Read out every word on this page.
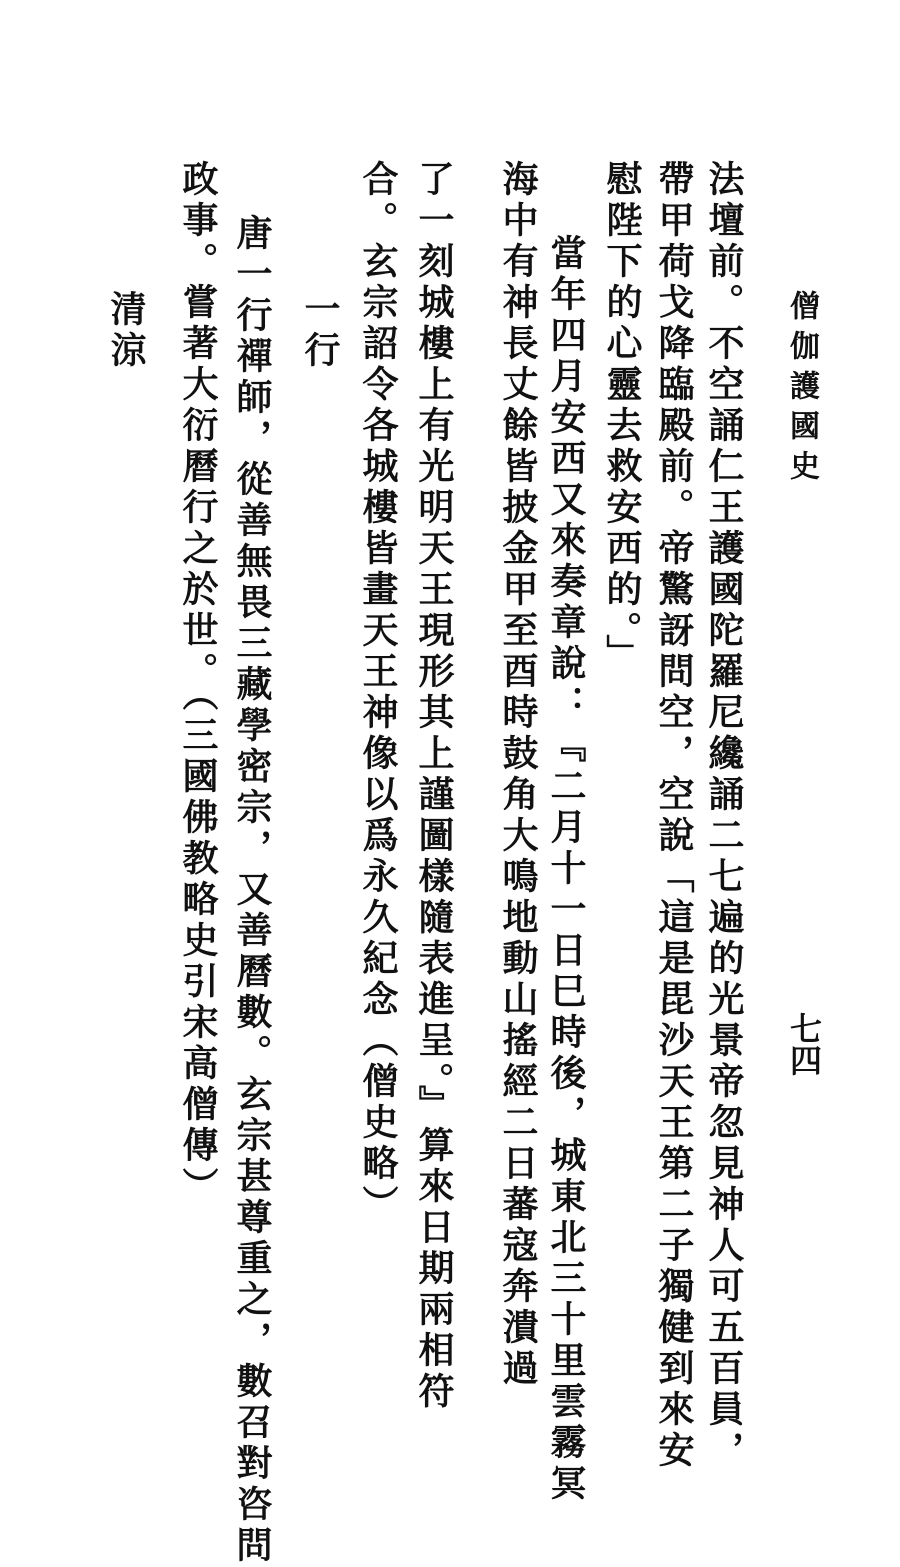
僧伽護國史
七四
法壇前。不空誦仁王護國陀羅尼纔誦二七遍的光景帝忽見神人可五百員，
帶甲荷戈降臨殿前。帝驚訝問空，空說「這是毘沙天王第二子獨健到來安
慰陛下的心靈去救安西的。」
當年四月安西又來奏章說：『二月十一日巳時後，城東北三十里雲霧冥
海中有神長丈餘皆披金甲至酉時鼓角大鳴地動山搖經二日蕃寇奔潰過
了一刻城樓上有光明天王現形其上謹圖樣隨表進呈。』算來日期兩相符
合。玄宗詔令各城樓皆畫天王神像以爲永久紀念（僧史略）
一行
唐一行禪師，從善無畏三藏學密宗，又善曆數。玄宗甚尊重之，數召對咨問
政事。嘗著大衍曆行之於世。（三國佛教略史引宋高僧傳）
清涼
